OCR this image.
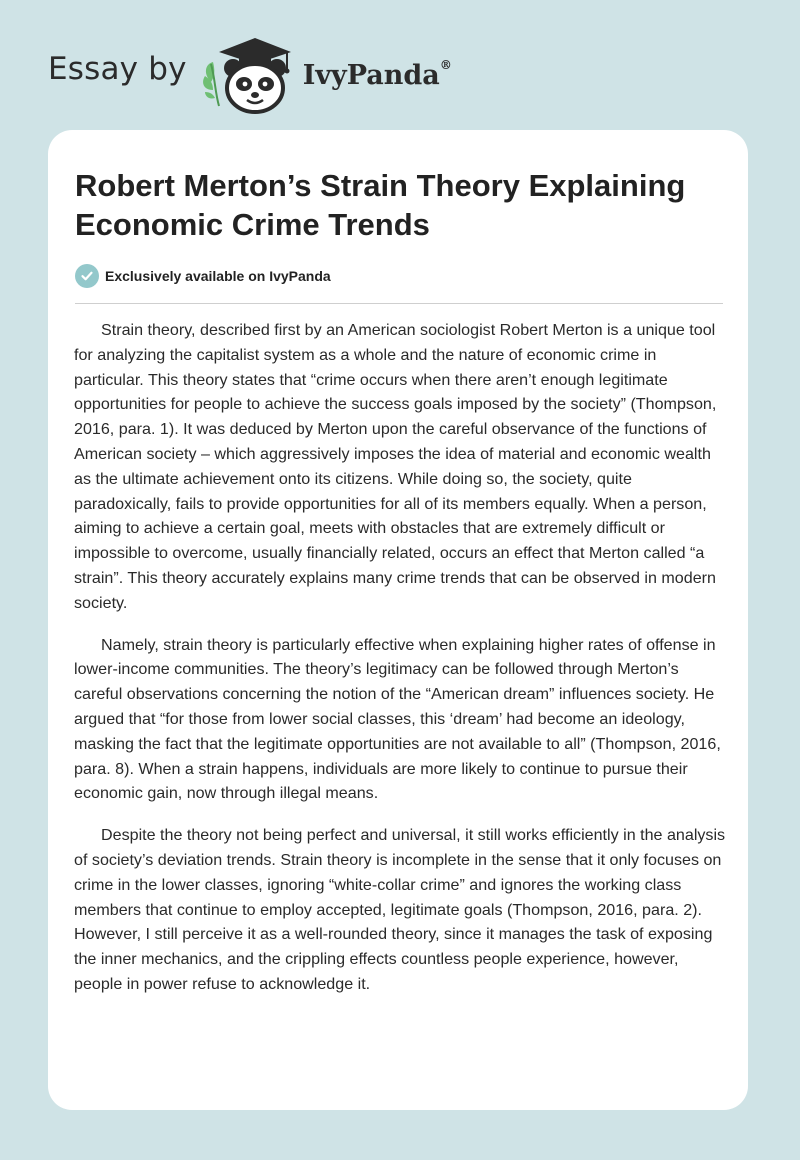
Essay by	IvyPanda®
Robert Merton’s Strain Theory Explaining Economic Crime Trends
Exclusively available on IvyPanda

Strain theory, described first by an American sociologist Robert Merton is a unique tool for analyzing the capitalist system as a whole and the nature of economic crime in particular. This theory states that “crime occurs when there aren’t enough legitimate opportunities for people to achieve the success goals imposed by the society” (Thompson, 2016, para. 1). It was deduced by Merton upon the careful observance of the functions of American society – which aggressively imposes the idea of material and economic wealth as the ultimate achievement onto its citizens. While doing so, the society, quite paradoxically, fails to provide opportunities for all of its members equally. When a person, aiming to achieve a certain goal, meets with obstacles that are extremely difficult or impossible to overcome, usually financially related, occurs an effect that Merton called “a strain”. This theory accurately explains many crime trends that can be observed in modern society.

Namely, strain theory is particularly effective when explaining higher rates of offense in lower-income communities. The theory’s legitimacy can be followed through Merton’s careful observations concerning the notion of the “American dream” influences society. He argued that “for those from lower social classes, this ‘dream’ had become an ideology, masking the fact that the legitimate opportunities are not available to all” (Thompson, 2016, para. 8). When a strain happens, individuals are more likely to continue to pursue their economic gain, now through illegal means.

Despite the theory not being perfect and universal, it still works efficiently in the analysis of society’s deviation trends. Strain theory is incomplete in the sense that it only focuses on crime in the lower classes, ignoring “white-collar crime” and ignores the working class members that continue to employ accepted, legitimate goals (Thompson, 2016, para. 2). However, I still perceive it as a well-rounded theory, since it manages the task of exposing the inner mechanics, and the crippling effects countless people experience, however, people in power refuse to acknowledge it.
